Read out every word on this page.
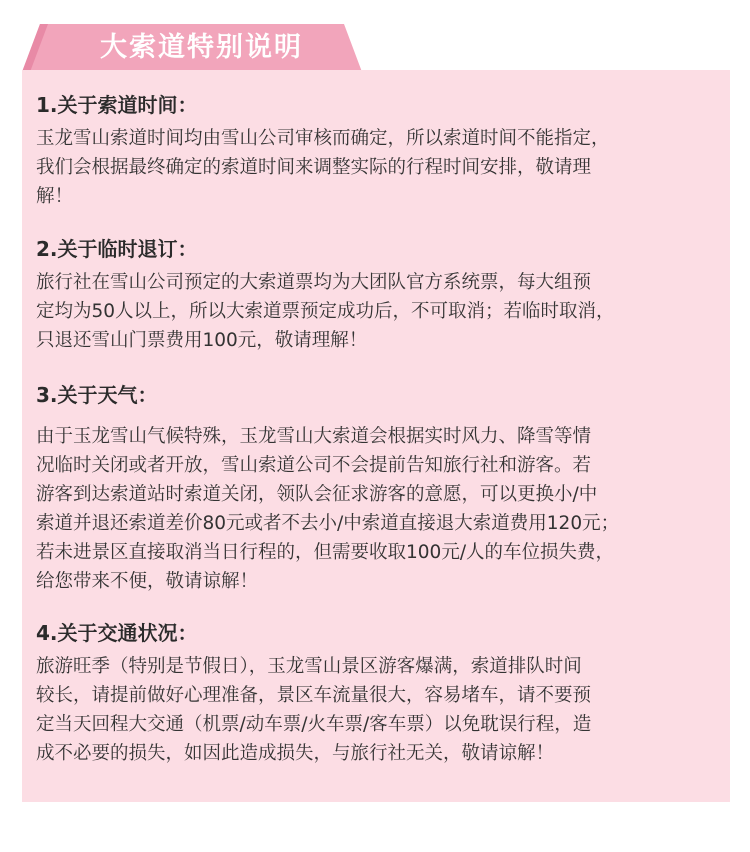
大索道特别说明
1.关于索道时间：
玉龙雪山索道时间均由雪山公司审核而确定，所以索道时间不能指定，
我们会根据最终确定的索道时间来调整实际的行程时间安排，敬请理
解！
2.关于临时退订：
旅行社在雪山公司预定的大索道票均为大团队官方系统票，每大组预
定均为50人以上，所以大索道票预定成功后，不可取消；若临时取消，
只退还雪山门票费用100元，敬请理解！
3.关于天气：
由于玉龙雪山气候特殊，玉龙雪山大索道会根据实时风力、降雪等情
况临时关闭或者开放，雪山索道公司不会提前告知旅行社和游客。若
游客到达索道站时索道关闭，领队会征求游客的意愿，可以更换小/中
索道并退还索道差价80元或者不去小/中索道直接退大索道费用120元；
若未进景区直接取消当日行程的，但需要收取100元/人的车位损失费，
给您带来不便，敬请谅解！
4.关于交通状况：
旅游旺季（特别是节假日），玉龙雪山景区游客爆满，索道排队时间
较长，请提前做好心理准备，景区车流量很大，容易堵车，请不要预
定当天回程大交通（机票/动车票/火车票/客车票）以免耽误行程，造
成不必要的损失，如因此造成损失，与旅行社无关，敬请谅解！
